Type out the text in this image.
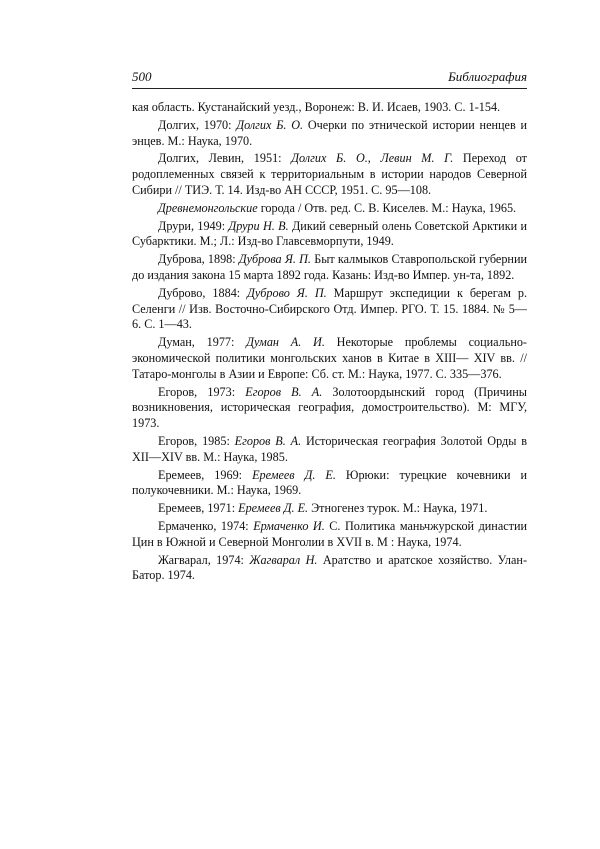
500	Библиография

кая область. Кустанайский уезд., Воронеж: В. И. Исаев, 1903. С. 1-154.

Долгих, 1970: Долгих Б. О. Очерки по этнической истории ненцев и энцев. М.: Наука, 1970.

Долгих, Левин, 1951: Долгих Б. О., Левин М. Г. Переход от родоплеменных связей к территориальным в истории народов Северной Сибири // ТИЭ. Т. 14. Изд-во АН СССР, 1951. С. 95—108.

Древнемонгольские города / Отв. ред. С. В. Киселев. М.: Наука, 1965.

Друри, 1949: Друри Н. В. Дикий северный олень Советской Арктики и Субарктики. М.; Л.: Изд-во Главсевморпути, 1949.

Дуброва, 1898: Дуброва Я. П. Быт калмыков Ставропольской губернии до издания закона 15 марта 1892 года. Казань: Изд-во Импер. ун-та, 1892.

Дуброво, 1884: Дуброво Я. П. Маршрут экспедиции к берегам р. Селенги // Изв. Восточно-Сибирского Отд. Импер. РГО. Т. 15. 1884. № 5—6. С. 1—43.

Думан, 1977: Думан А. И. Некоторые проблемы социально-экономической политики монгольских ханов в Китае в XIII— XIV вв. // Татаро-монголы в Азии и Европе: Сб. ст. М.: Наука, 1977. С. 335—376.

Егоров, 1973: Егоров В. А. Золотоордынский город (Причины возникновения, историческая география, домостроительство). М: МГУ, 1973.

Егоров, 1985: Егоров В. А. Историческая география Золотой Орды в XII—XIV вв. М.: Наука, 1985.

Еремеев, 1969: Еремеев Д. Е. Юрюки: турецкие кочевники и полукочевники. М.: Наука, 1969.

Еремеев, 1971: Еремеев Д. Е. Этногенез турок. М.: Наука, 1971.

Ермаченко, 1974: Ермаченко И. С. Политика маньчжурской династии Цин в Южной и Северной Монголии в XVII в. М : Наука, 1974.

Жагварал, 1974: Жагварал Н. Аратство и аратское хозяйство. Улан-Батор. 1974.
